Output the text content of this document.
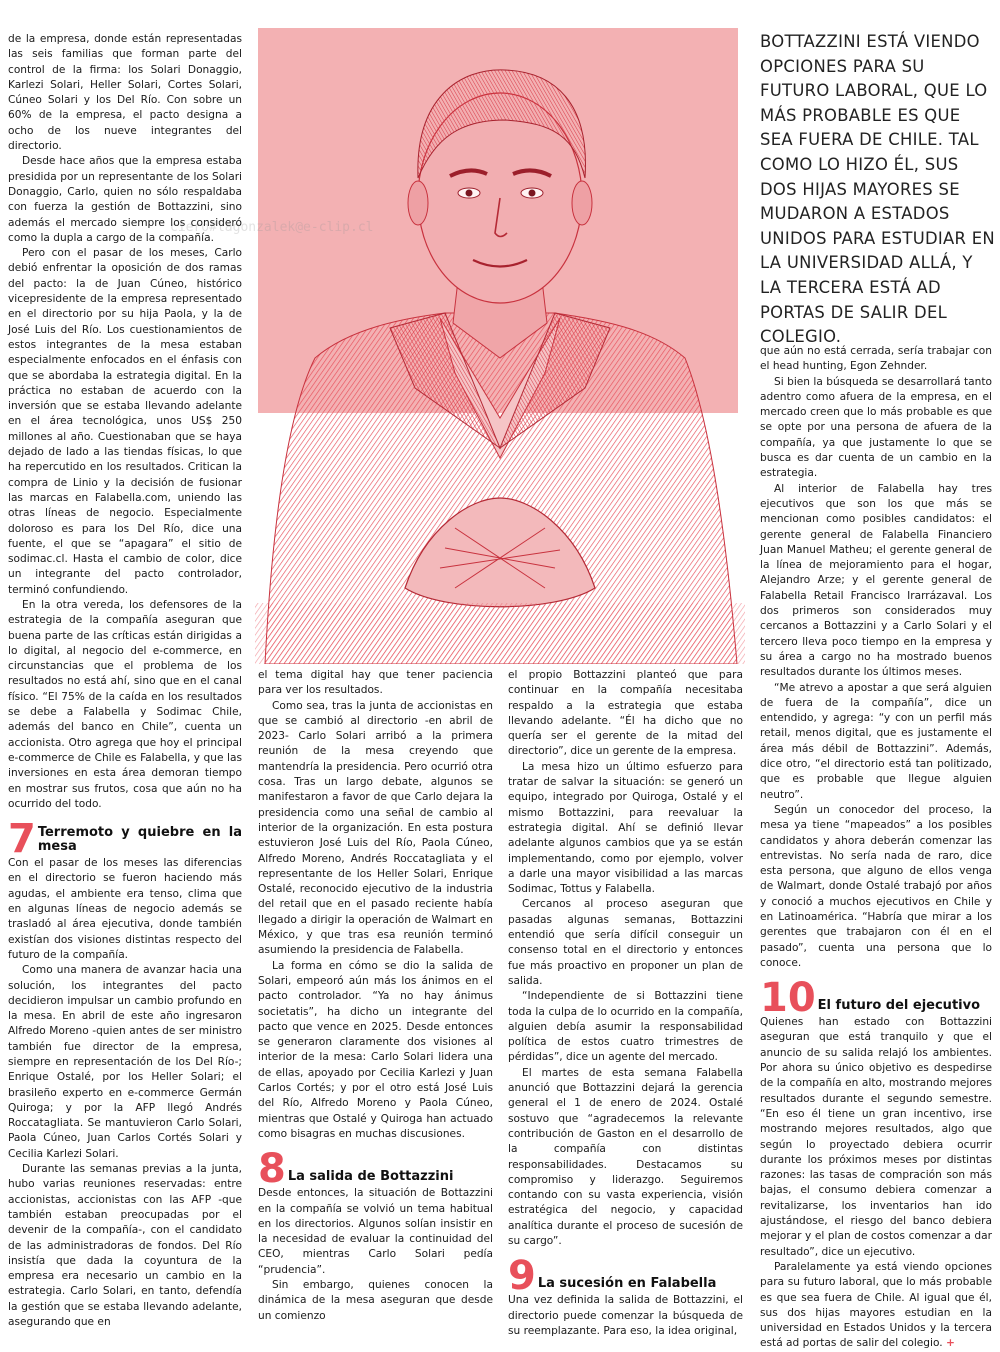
ciero#lagonzalek@e-clip.cl

de la empresa, donde están representadas las seis familias que forman parte del control de la firma: los Solari Donaggio, Karlezi Solari, Heller Solari, Cortes Solari, Cúneo Solari y los Del Río. Con sobre un 60% de la empresa, el pacto designa a ocho de los nueve integrantes del directorio.

Desde hace años que la empresa estaba presidida por un representante de los Solari Donaggio, Carlo, quien no sólo respaldaba con fuerza la gestión de Bottazzini, sino además el mercado siempre los consideró como la dupla a cargo de la compañía.

Pero con el pasar de los meses, Carlo debió enfrentar la oposición de dos ramas del pacto: la de Juan Cúneo, histórico vicepresidente de la empresa representado en el directorio por su hija Paola, y la de José Luis del Río. Los cuestionamientos de estos integrantes de la mesa estaban especialmente enfocados en el énfasis con que se abordaba la estrategia digital. En la práctica no estaban de acuerdo con la inversión que se estaba llevando adelante en el área tecnológica, unos US$ 250 millones al año. Cuestionaban que se haya dejado de lado a las tiendas físicas, lo que ha repercutido en los resultados. Critican la compra de Linio y la decisión de fusionar las marcas en Falabella.com, uniendo las otras líneas de negocio. Especialmente doloroso es para los Del Río, dice una fuente, el que se “apagara” el sitio de sodimac.cl. Hasta el cambio de color, dice un integrante del pacto controlador, terminó confundiendo.

En la otra vereda, los defensores de la estrategia de la compañía aseguran que buena parte de las críticas están dirigidas a lo digital, al negocio del e-commerce, en circunstancias que el problema de los resultados no está ahí, sino que en el canal físico. “El 75% de la caída en los resultados se debe a Falabella y Sodimac Chile, además del banco en Chile”, cuenta un accionista. Otro agrega que hoy el principal e-commerce de Chile es Falabella, y que las inversiones en esta área demoran tiempo en mostrar sus frutos, cosa que aún no ha ocurrido del todo.

7 Terremoto y quiebre en la mesa

Con el pasar de los meses las diferencias en el directorio se fueron haciendo más agudas, el ambiente era tenso, clima que en algunas líneas de negocio además se trasladó al área ejecutiva, donde también existían dos visiones distintas respecto del futuro de la compañía.

Como una manera de avanzar hacia una solución, los integrantes del pacto decidieron impulsar un cambio profundo en la mesa. En abril de este año ingresaron Alfredo Moreno -quien antes de ser ministro también fue director de la empresa, siempre en representación de los Del Río-; Enrique Ostalé, por los Heller Solari; el brasileño experto en e-commerce Germán Quiroga; y por la AFP llegó Andrés Roccatagliata. Se mantuvieron Carlo Solari, Paola Cúneo, Juan Carlos Cortés Solari y Cecilia Karlezi Solari.

Durante las semanas previas a la junta, hubo varias reuniones reservadas: entre accionistas, accionistas con las AFP -que también estaban preocupadas por el devenir de la compañía-, con el candidato de las administradoras de fondos. Del Río insistía que dada la coyuntura de la empresa era necesario un cambio en la estrategia. Carlo Solari, en tanto, defendía la gestión que se estaba llevando adelante, asegurando que en

el tema digital hay que tener paciencia para ver los resultados.

Como sea, tras la junta de accionistas en que se cambió al directorio -en abril de 2023- Carlo Solari arribó a la primera reunión de la mesa creyendo que mantendría la presidencia. Pero ocurrió otra cosa. Tras un largo debate, algunos se manifestaron a favor de que Carlo dejara la presidencia como una señal de cambio al interior de la organización. En esta postura estuvieron José Luis del Río, Paola Cúneo, Alfredo Moreno, Andrés Roccatagliata y el representante de los Heller Solari, Enrique Ostalé, reconocido ejecutivo de la industria del retail que en el pasado reciente había llegado a dirigir la operación de Walmart en México, y que tras esa reunión terminó asumiendo la presidencia de Falabella.

La forma en cómo se dio la salida de Solari, empeoró aún más los ánimos en el pacto controlador. “Ya no hay ánimus societatis”, ha dicho un integrante del pacto que vence en 2025. Desde entonces se generaron claramente dos visiones al interior de la mesa: Carlo Solari lidera una de ellas, apoyado por Cecilia Karlezi y Juan Carlos Cortés; y por el otro está José Luis del Río, Alfredo Moreno y Paola Cúneo, mientras que Ostalé y Quiroga han actuado como bisagras en muchas discusiones.

8 La salida de Bottazzini

Desde entonces, la situación de Bottazzini en la compañía se volvió un tema habitual en los directorios. Algunos solían insistir en la necesidad de evaluar la continuidad del CEO, mientras Carlo Solari pedía “prudencia”.

Sin embargo, quienes conocen la dinámica de la mesa aseguran que desde un comienzo

el propio Bottazzini planteó que para continuar en la compañía necesitaba respaldo a la estrategia que estaba llevando adelante. “Él ha dicho que no quería ser el gerente de la mitad del directorio”, dice un gerente de la empresa.

La mesa hizo un último esfuerzo para tratar de salvar la situación: se generó un equipo, integrado por Quiroga, Ostalé y el mismo Bottazzini, para reevaluar la estrategia digital. Ahí se definió llevar adelante algunos cambios que ya se están implementando, como por ejemplo, volver a darle una mayor visibilidad a las marcas Sodimac, Tottus y Falabella.

Cercanos al proceso aseguran que pasadas algunas semanas, Bottazzini entendió que sería difícil conseguir un consenso total en el directorio y entonces fue más proactivo en proponer un plan de salida.

“Independiente de si Bottazzini tiene toda la culpa de lo ocurrido en la compañía, alguien debía asumir la responsabilidad política de estos cuatro trimestres de pérdidas”, dice un agente del mercado.

El martes de esta semana Falabella anunció que Bottazzini dejará la gerencia general el 1 de enero de 2024. Ostalé sostuvo que “agradecemos la relevante contribución de Gaston en el desarrollo de la compañía con distintas responsabilidades. Destacamos su compromiso y liderazgo. Seguiremos contando con su vasta experiencia, visión estratégica del negocio, y capacidad analítica durante el proceso de sucesión de su cargo”.

9 La sucesión en Falabella

Una vez definida la salida de Bottazzini, el directorio puede comenzar la búsqueda de su reemplazante. Para eso, la idea original,

BOTTAZZINI ESTÁ VIENDO OPCIONES PARA SU FUTURO LABORAL, QUE LO MÁS PROBABLE ES QUE SEA FUERA DE CHILE. TAL COMO LO HIZO ÉL, SUS DOS HIJAS MAYORES SE MUDARON A ESTADOS UNIDOS PARA ESTUDIAR EN LA UNIVERSIDAD ALLÁ, Y LA TERCERA ESTÁ AD PORTAS DE SALIR DEL COLEGIO.

que aún no está cerrada, sería trabajar con el head hunting, Egon Zehnder.

Si bien la búsqueda se desarrollará tanto adentro como afuera de la empresa, en el mercado creen que lo más probable es que se opte por una persona de afuera de la compañía, ya que justamente lo que se busca es dar cuenta de un cambio en la estrategia.

Al interior de Falabella hay tres ejecutivos que son los que más se mencionan como posibles candidatos: el gerente general de Falabella Financiero Juan Manuel Matheu; el gerente general de la línea de mejoramiento para el hogar, Alejandro Arze; y el gerente general de Falabella Retail Francisco Irarrázaval. Los dos primeros son considerados muy cercanos a Bottazzini y a Carlo Solari y el tercero lleva poco tiempo en la empresa y su área a cargo no ha mostrado buenos resultados durante los últimos meses.

“Me atrevo a apostar a que será alguien de fuera de la compañía”, dice un entendido, y agrega: “y con un perfil más retail, menos digital, que es justamente el área más débil de Bottazzini”. Además, dice otro, “el directorio está tan politizado, que es probable que llegue alguien neutro”.

Según un conocedor del proceso, la mesa ya tiene “mapeados” a los posibles candidatos y ahora deberán comenzar las entrevistas. No sería nada de raro, dice esta persona, que alguno de ellos venga de Walmart, donde Ostalé trabajó por años y conoció a muchos ejecutivos en Chile y en Latinoamérica. “Habría que mirar a los gerentes que trabajaron con él en el pasado”, cuenta una persona que lo conoce.

10 El futuro del ejecutivo

Quienes han estado con Bottazzini aseguran que está tranquilo y que el anuncio de su salida relajó los ambientes. Por ahora su único objetivo es despedirse de la compañía en alto, mostrando mejores resultados durante el segundo semestre. “En eso él tiene un gran incentivo, irse mostrando mejores resultados, algo que según lo proyectado debiera ocurrir durante los próximos meses por distintas razones: las tasas de compración son más bajas, el consumo debiera comenzar a revitalizarse, los inventarios han ido ajustándose, el riesgo del banco debiera mejorar y el plan de costos comenzar a dar resultado”, dice un ejecutivo.

Paralelamente ya está viendo opciones para su futuro laboral, que lo más probable es que sea fuera de Chile. Al igual que él, sus dos hijas mayores estudian en la universidad en Estados Unidos y la tercera está ad portas de salir del colegio. +
